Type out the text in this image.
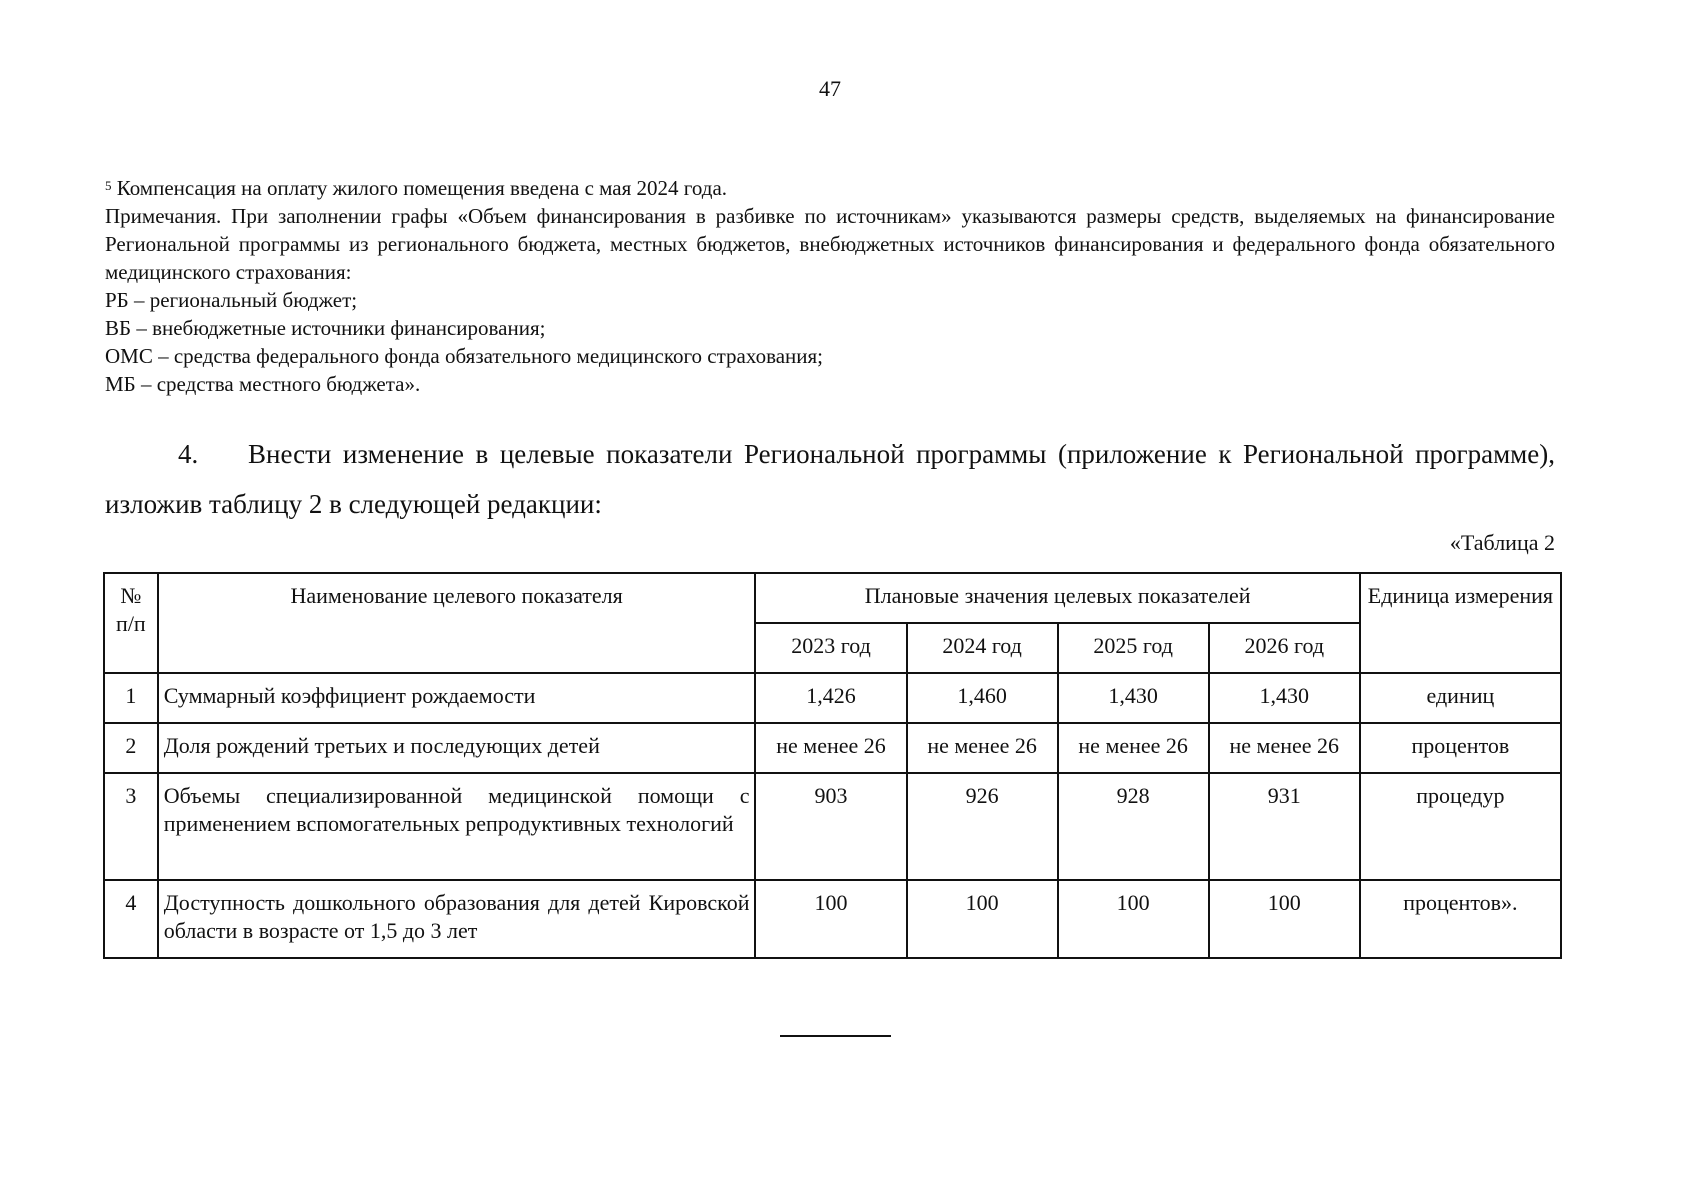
47

$^5$ Компенсация на оплату жилого помещения введена с мая 2024 года.

Примечания. При заполнении графы «Объем финансирования в разбивке по источникам» указываются размеры средств, выделяемых на финансирование Региональной программы из регионального бюджета, местных бюджетов, внебюджетных источников финансирования и федерального фонда обязательного медицинского страхования:

РБ – региональный бюджет;

ВБ – внебюджетные источники финансирования;

ОМС – средства федерального фонда обязательного медицинского страхования;

МБ – средства местного бюджета».

4. Внести изменение в целевые показатели Региональной программы (приложение к Региональной программе), изложив таблицу 2 в следующей редакции:
«Таблица 2
№ п/п	Наименование целевого показателя	Плановые значения целевых показателей				Единица измерения
		2023 год	2024 год	2025 год	2026 год	
1	Суммарный коэффициент рождаемости	1,426	1,460	1,430	1,430	единиц
2	Доля рождений третьих и последующих детей	не менее 26	не менее 26	не менее 26	не менее 26	процентов
3	Объемы специализированной медицинской помощи с применением вспомогательных репродуктивных технологий	903	926	928	931	процедур
4	Доступность дошкольного образования для детей Кировской области в возрасте от 1,5 до 3 лет	100	100	100	100	процентов».
